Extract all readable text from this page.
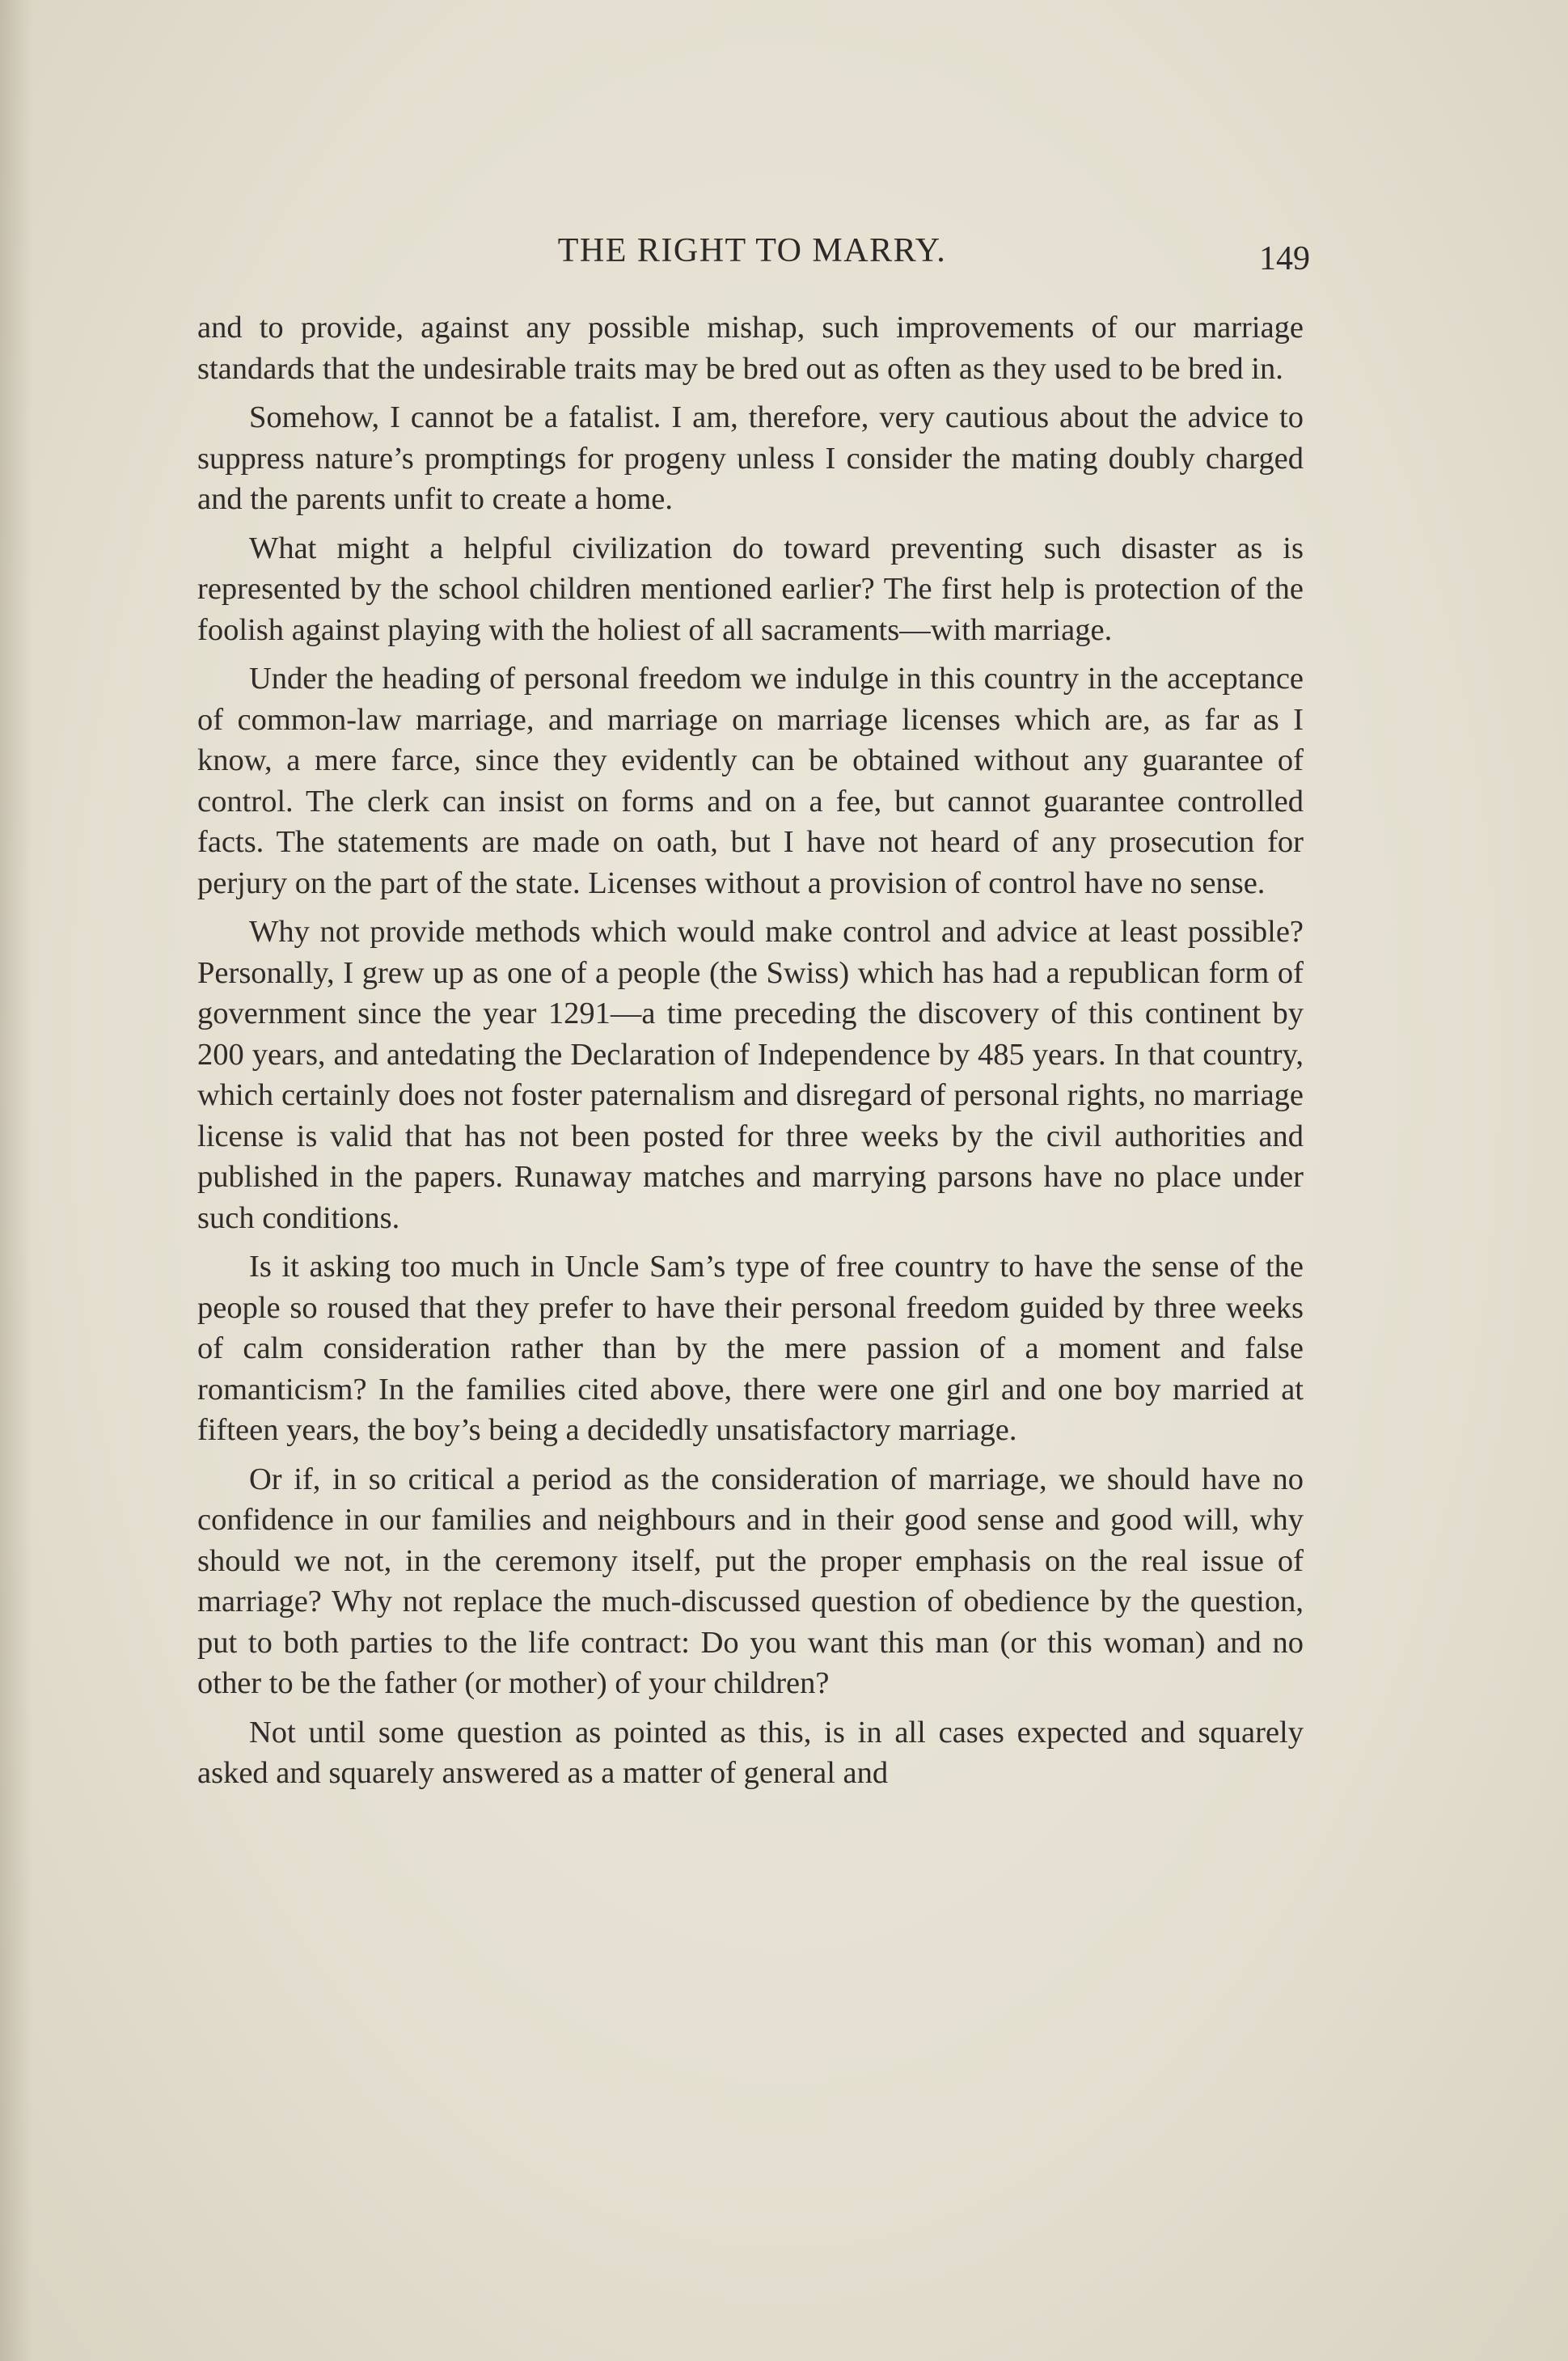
THE RIGHT TO MARRY.	149

and to provide, against any possible mishap, such improvements of our marriage standards that the undesirable traits may be bred out as often as they used to be bred in.

Somehow, I cannot be a fatalist. I am, therefore, very cautious about the advice to suppress nature’s promptings for progeny unless I consider the mating doubly charged and the parents unfit to create a home.

What might a helpful civilization do toward preventing such disaster as is represented by the school children mentioned earlier? The first help is protection of the foolish against playing with the holiest of all sacraments—with marriage.

Under the heading of personal freedom we indulge in this country in the acceptance of common-law marriage, and marriage on marriage licenses which are, as far as I know, a mere farce, since they evidently can be obtained without any guarantee of control. The clerk can insist on forms and on a fee, but cannot guarantee controlled facts. The statements are made on oath, but I have not heard of any prosecution for perjury on the part of the state. Licenses without a provision of control have no sense.

Why not provide methods which would make control and advice at least possible? Personally, I grew up as one of a people (the Swiss) which has had a republican form of government since the year 1291—a time preceding the discovery of this continent by 200 years, and antedating the Declaration of Independence by 485 years. In that country, which certainly does not foster paternalism and disregard of personal rights, no marriage license is valid that has not been posted for three weeks by the civil authorities and published in the papers. Runaway matches and marrying parsons have no place under such conditions.

Is it asking too much in Uncle Sam’s type of free country to have the sense of the people so roused that they prefer to have their personal freedom guided by three weeks of calm consideration rather than by the mere passion of a moment and false romanticism? In the families cited above, there were one girl and one boy married at fifteen years, the boy’s being a decidedly unsatisfactory marriage.

Or if, in so critical a period as the consideration of marriage, we should have no confidence in our families and neighbours and in their good sense and good will, why should we not, in the ceremony itself, put the proper emphasis on the real issue of marriage? Why not replace the much-discussed question of obedience by the question, put to both parties to the life contract: Do you want this man (or this woman) and no other to be the father (or mother) of your children?

Not until some question as pointed as this, is in all cases expected and squarely asked and squarely answered as a matter of general and
